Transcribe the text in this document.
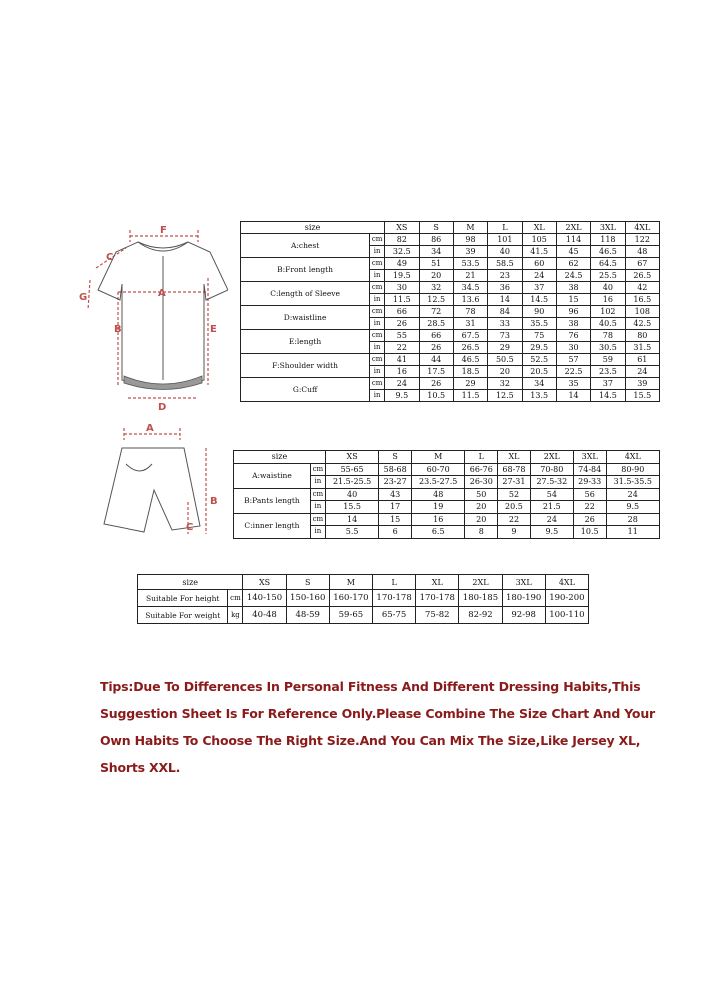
F
C
A
G
B	E
D
A
B
C
size		XS	S	M	L	XL	2XL	3XL	4XL
A:chest	cm	82	86	98	101	105	114	118	122
	in	32.5	34	39	40	41.5	45	46.5	48
B:Front length	cm	49	51	53.5	58.5	60	62	64.5	67
	in	19.5	20	21	23	24	24.5	25.5	26.5
C:length of Sleeve	cm	30	32	34.5	36	37	38	40	42
	in	11.5	12.5	13.6	14	14.5	15	16	16.5
D:waistline	cm	66	72	78	84	90	96	102	108
	in	26	28.5	31	33	35.5	38	40.5	42.5
E:length	cm	55	66	67.5	73	75	76	78	80
	in	22	26	26.5	29	29.5	30	30.5	31.5
F:Shoulder width	cm	41	44	46.5	50.5	52.5	57	59	61
	in	16	17.5	18.5	20	20.5	22.5	23.5	24
G:Cuff	cm	24	26	29	32	34	35	37	39
	in	9.5	10.5	11.5	12.5	13.5	14	14.5	15.5
size		XS	S	M	L	XL	2XL	3XL	4XL
A:waistine	cm	55-65	58-68	60-70	66-76	68-78	70-80	74-84	80-90
	in	21.5-25.5	23-27	23.5-27.5	26-30	27-31	27.5-32	29-33	31.5-35.5
B:Pants length	cm	40	43	48	50	52	54	56	24
	in	15.5	17	19	20	20.5	21.5	22	9.5
C:inner length	cm	14	15	16	20	22	24	26	28
	in	5.5	6	6.5	8	9	9.5	10.5	11
size		XS	S	M	L	XL	2XL	3XL	4XL
Suitable For height	cm	140-150	150-160	160-170	170-178	170-178	180-185	180-190	190-200
Suitable For weight	kg	40-48	48-59	59-65	65-75	75-82	82-92	92-98	100-110
Tips:Due To Differences In Personal Fitness And Different Dressing Habits,This
Suggestion Sheet Is For Reference Only.Please Combine The Size Chart And Your
Own Habits To Choose The Right Size.And You Can Mix The Size,Like Jersey XL,
Shorts XXL.
